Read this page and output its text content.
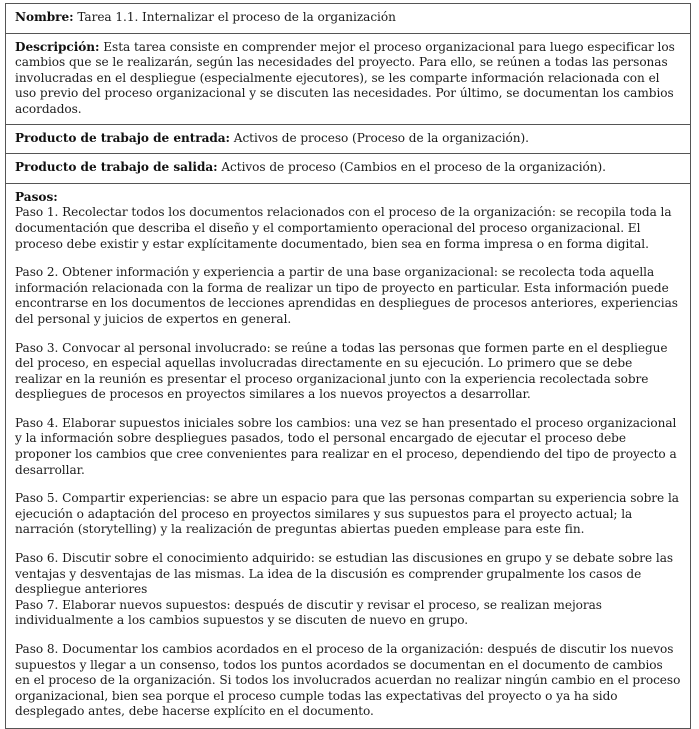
Nombre: Tarea 1.1. Internalizar el proceso de la organización

Descripción: Esta tarea consiste en comprender mejor el proceso organizacional para luego especificar los cambios que se le realizarán, según las necesidades del proyecto. Para ello, se reúnen a todas las personas involucradas en el despliegue (especialmente ejecutores), se les comparte información relacionada con el uso previo del proceso organizacional y se discuten las necesidades. Por último, se documentan los cambios acordados.

Producto de trabajo de entrada: Activos de proceso (Proceso de la organización).

Producto de trabajo de salida: Activos de proceso (Cambios en el proceso de la organización).

Pasos:

Paso 1. Recolectar todos los documentos relacionados con el proceso de la organización: se recopila toda la documentación que describa el diseño y el comportamiento operacional del proceso organizacional. El proceso debe existir y estar explícitamente documentado, bien sea en forma impresa o en forma digital.

Paso 2. Obtener información y experiencia a partir de una base organizacional: se recolecta toda aquella información relacionada con la forma de realizar un tipo de proyecto en particular. Esta información puede encontrarse en los documentos de lecciones aprendidas en despliegues de procesos anteriores, experiencias del personal y juicios de expertos en general.

Paso 3. Convocar al personal involucrado: se reúne a todas las personas que formen parte en el despliegue del proceso, en especial aquellas involucradas directamente en su ejecución. Lo primero que se debe realizar en la reunión es presentar el proceso organizacional junto con la experiencia recolectada sobre despliegues de procesos en proyectos similares a los nuevos proyectos a desarrollar.

Paso 4. Elaborar supuestos iniciales sobre los cambios: una vez se han presentado el proceso organizacional y la información sobre despliegues pasados, todo el personal encargado de ejecutar el proceso debe proponer los cambios que cree convenientes para realizar en el proceso, dependiendo del tipo de proyecto a desarrollar.

Paso 5. Compartir experiencias: se abre un espacio para que las personas compartan su experiencia sobre la ejecución o adaptación del proceso en proyectos similares y sus supuestos para el proyecto actual; la narración (storytelling) y la realización de preguntas abiertas pueden emplease para este fin.

Paso 6. Discutir sobre el conocimiento adquirido: se estudian las discusiones en grupo y se debate sobre las ventajas y desventajas de las mismas. La idea de la discusión es comprender grupalmente los casos de despliegue anteriores

Paso 7. Elaborar nuevos supuestos: después de discutir y revisar el proceso, se realizan mejoras individualmente a los cambios supuestos y se discuten de nuevo en grupo.

Paso 8. Documentar los cambios acordados en el proceso de la organización: después de discutir los nuevos supuestos y llegar a un consenso, todos los puntos acordados se documentan en el documento de cambios en el proceso de la organización. Si todos los involucrados acuerdan no realizar ningún cambio en el proceso organizacional, bien sea porque el proceso cumple todas las expectativas del proyecto o ya ha sido desplegado antes, debe hacerse explícito en el documento.
